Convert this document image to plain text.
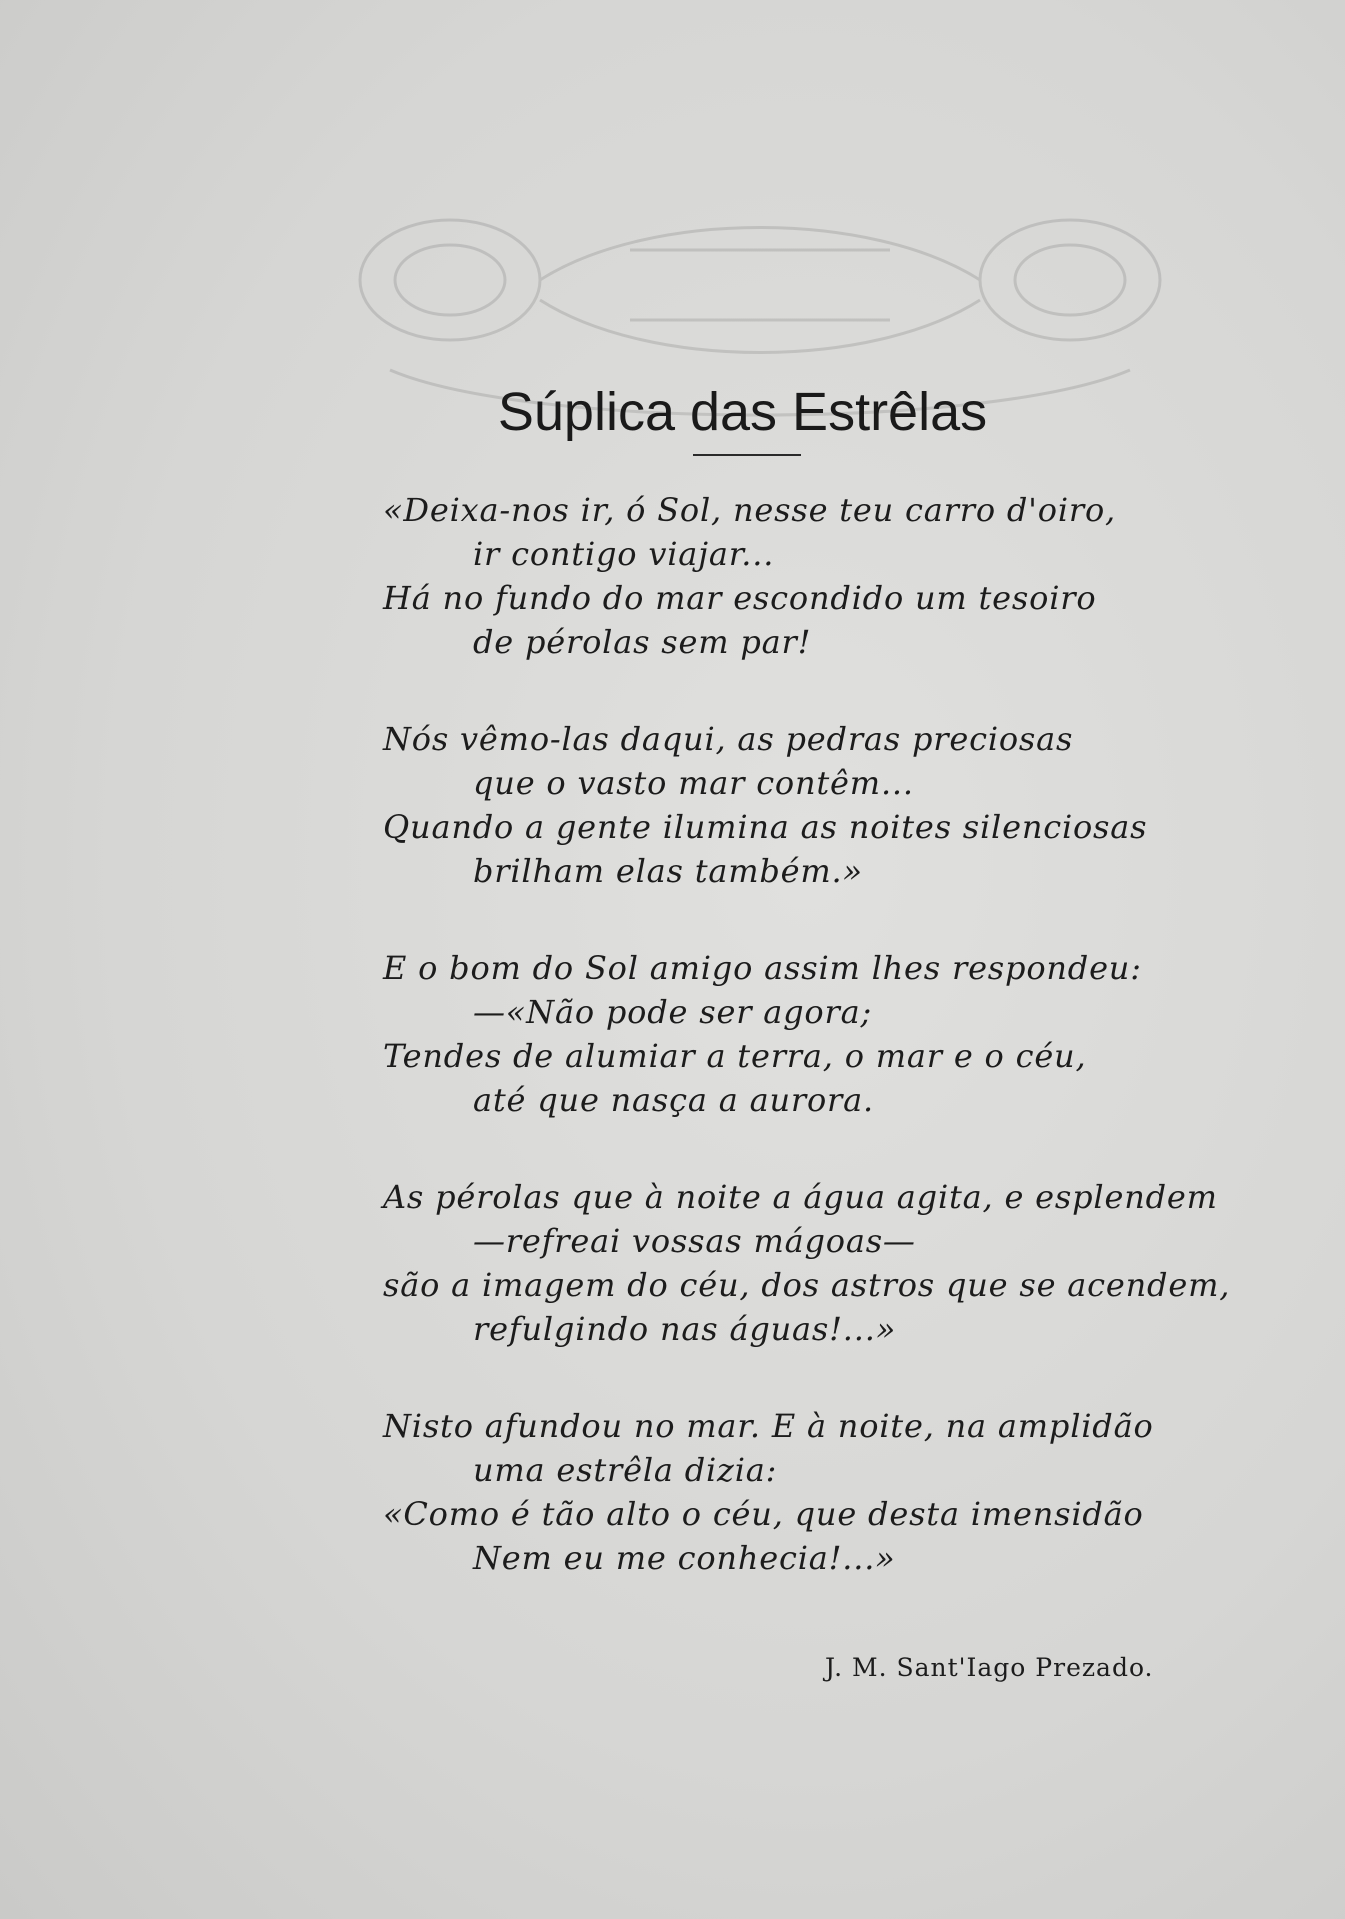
Súplica das Estrêlas
«Deixa-nos ir, ó Sol, nesse teu carro d'oiro,
ir contigo viajar...
Há no fundo do mar escondido um tesoiro
de pérolas sem par!
Nós vêmo-las daqui, as pedras preciosas
que o vasto mar contêm...
Quando a gente ilumina as noites silenciosas
brilham elas também.»
E o bom do Sol amigo assim lhes respondeu:
—«Não pode ser agora;
Tendes de alumiar a terra, o mar e o céu,
até que nasça a aurora.
As pérolas que à noite a água agita, e esplendem
—refreai vossas mágoas—
são a imagem do céu, dos astros que se acendem,
refulgindo nas águas!...»
Nisto afundou no mar. E à noite, na amplidão
uma estrêla dizia:
«Como é tão alto o céu, que desta imensidão
Nem eu me conhecia!...»
J. M. Sant'Iago Prezado.
